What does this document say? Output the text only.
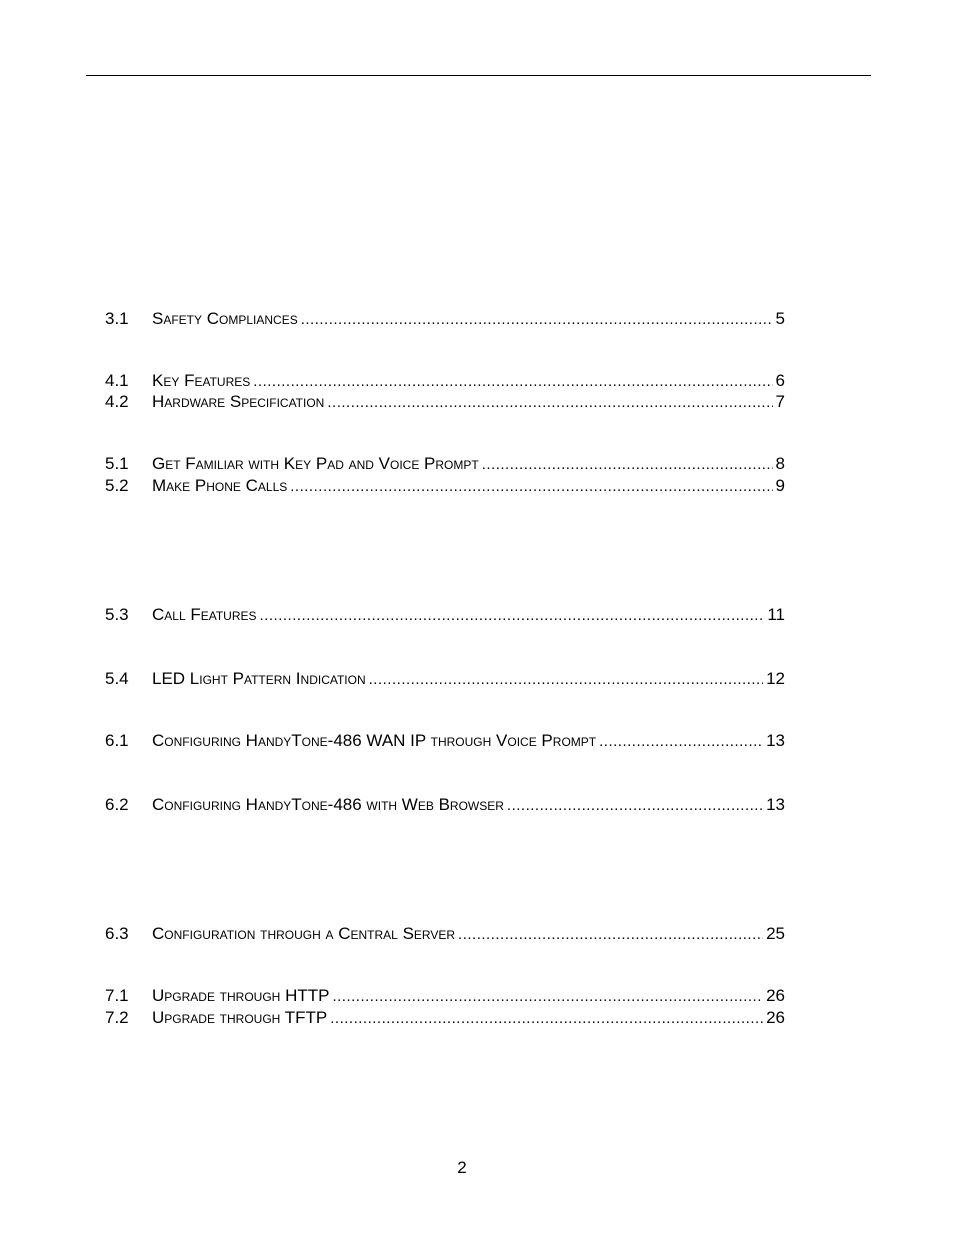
3.1	Safety Compliances .....	5
4.1	Key Features .....	6
4.2	Hardware Specification .....	7
5.1	Get Familiar with Key Pad and Voice Prompt .....	8
5.2	Make Phone Calls .....	9
5.3	Call Features .....	11
5.4	LED Light Pattern Indication .....	12
6.1	Configuring HandyTone-486 WAN IP through Voice Prompt .....	13
6.2	Configuring HandyTone-486 with Web Browser .....	13
6.3	Configuration through a Central Server .....	25
7.1	Upgrade through HTTP .....	26
7.2	Upgrade through TFTP .....	26
2
